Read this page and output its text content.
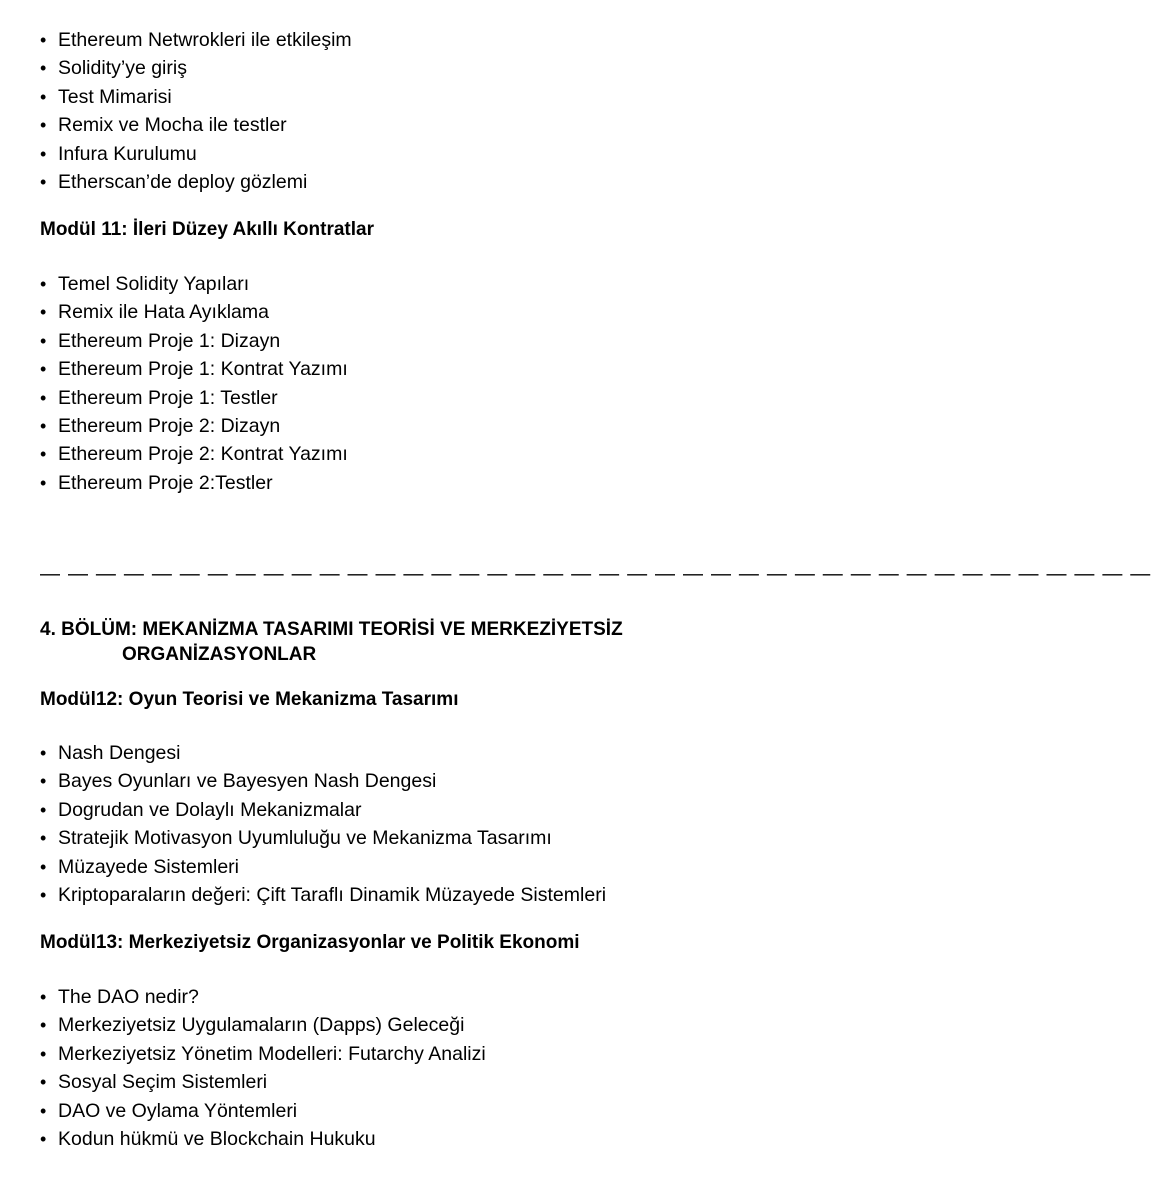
• Ethereum Netwrokleri ile etkileşim
• Solidity’ye giriş
• Test Mimarisi
• Remix ve Mocha ile testler
• Infura Kurulumu
• Etherscan’de deploy gözlemi
Modül 11: İleri Düzey Akıllı Kontratlar
• Temel Solidity Yapıları
• Remix ile Hata Ayıklama
• Ethereum Proje 1: Dizayn
• Ethereum Proje 1: Kontrat Yazımı
• Ethereum Proje 1: Testler
• Ethereum Proje 2: Dizayn
• Ethereum Proje 2: Kontrat Yazımı
• Ethereum Proje 2:Testler
— — — — — — — — — — — — — — — — — — — — — — — — — — — — — — — — — — — — — — — —
4. BÖLÜM: MEKANİZMA TASARIMI TEORİSİ VE MERKEZİYETSİZ
ORGANİZASYONLAR
Modül12: Oyun Teorisi ve Mekanizma Tasarımı
• Nash Dengesi
• Bayes Oyunları ve Bayesyen Nash Dengesi
• Dogrudan ve Dolaylı Mekanizmalar
• Stratejik Motivasyon Uyumluluğu ve Mekanizma Tasarımı
• Müzayede Sistemleri
• Kriptoparaların değeri: Çift Taraflı Dinamik Müzayede Sistemleri
Modül13: Merkeziyetsiz Organizasyonlar ve Politik Ekonomi
• The DAO nedir?
• Merkeziyetsiz Uygulamaların (Dapps) Geleceği
• Merkeziyetsiz Yönetim Modelleri: Futarchy Analizi
• Sosyal Seçim Sistemleri
• DAO ve Oylama Yöntemleri
• Kodun hükmü ve Blockchain Hukuku
